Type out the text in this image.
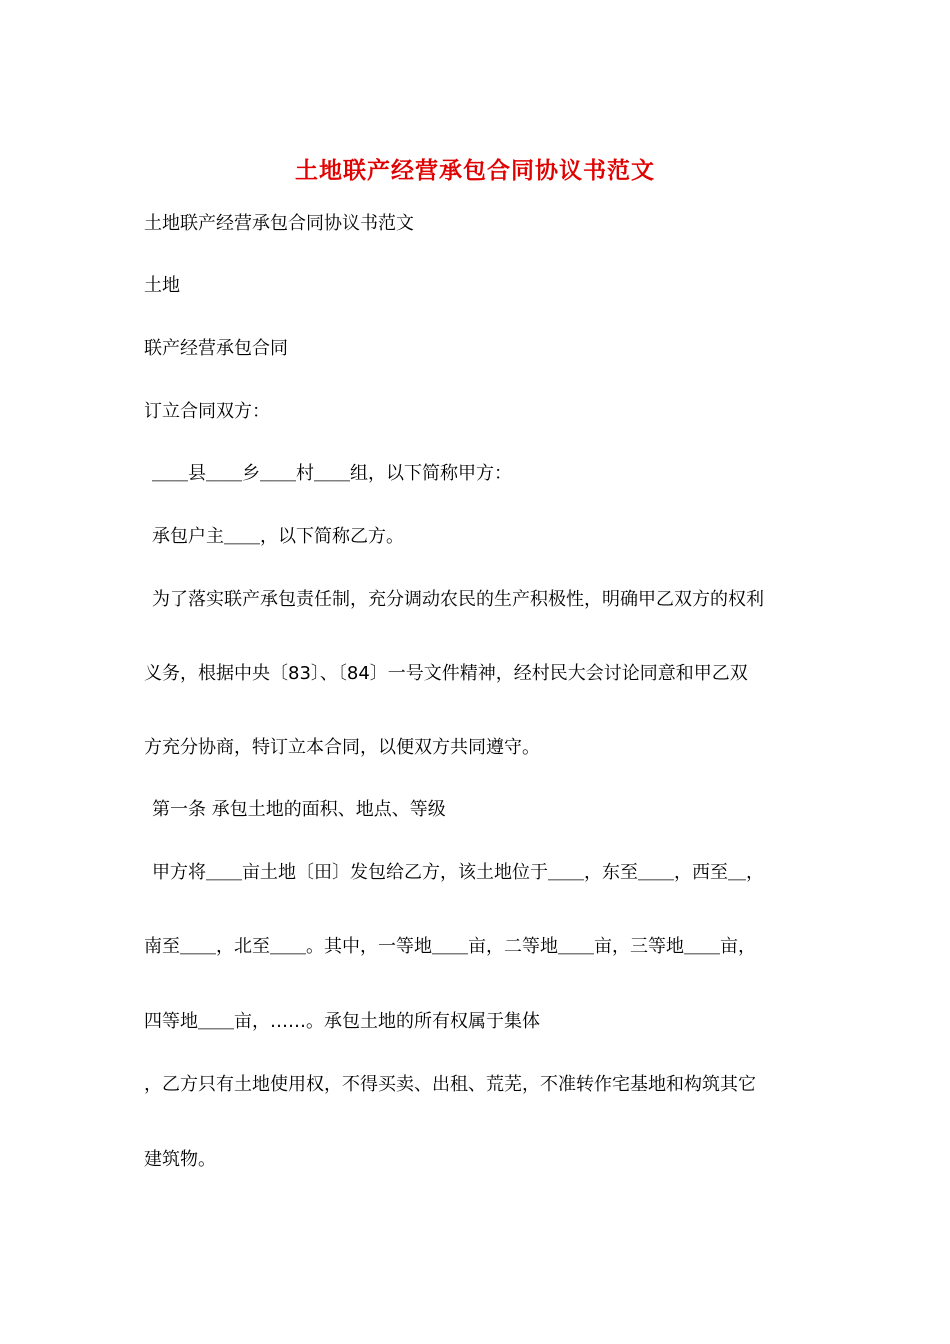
土地联产经营承包合同协议书范文
土地联产经营承包合同协议书范文
土地
联产经营承包合同
订立合同双方：
＿＿县＿＿乡＿＿村＿＿组，以下简称甲方：
承包户主＿＿，以下简称乙方。
为了落实联产承包责任制，充分调动农民的生产积极性，明确甲乙双方的权利
义务，根据中央〔83〕、〔84〕一号文件精神，经村民大会讨论同意和甲乙双
方充分协商，特订立本合同，以便双方共同遵守。
第一条 承包土地的面积、地点、等级
甲方将＿＿亩土地〔田〕发包给乙方，该土地位于＿＿，东至＿＿，西至＿，
南至＿＿，北至＿＿。其中，一等地＿＿亩，二等地＿＿亩，三等地＿＿亩，
四等地＿＿亩，……。承包土地的所有权属于集体
，乙方只有土地使用权，不得买卖、出租、荒芜，不准转作宅基地和构筑其它
建筑物。
